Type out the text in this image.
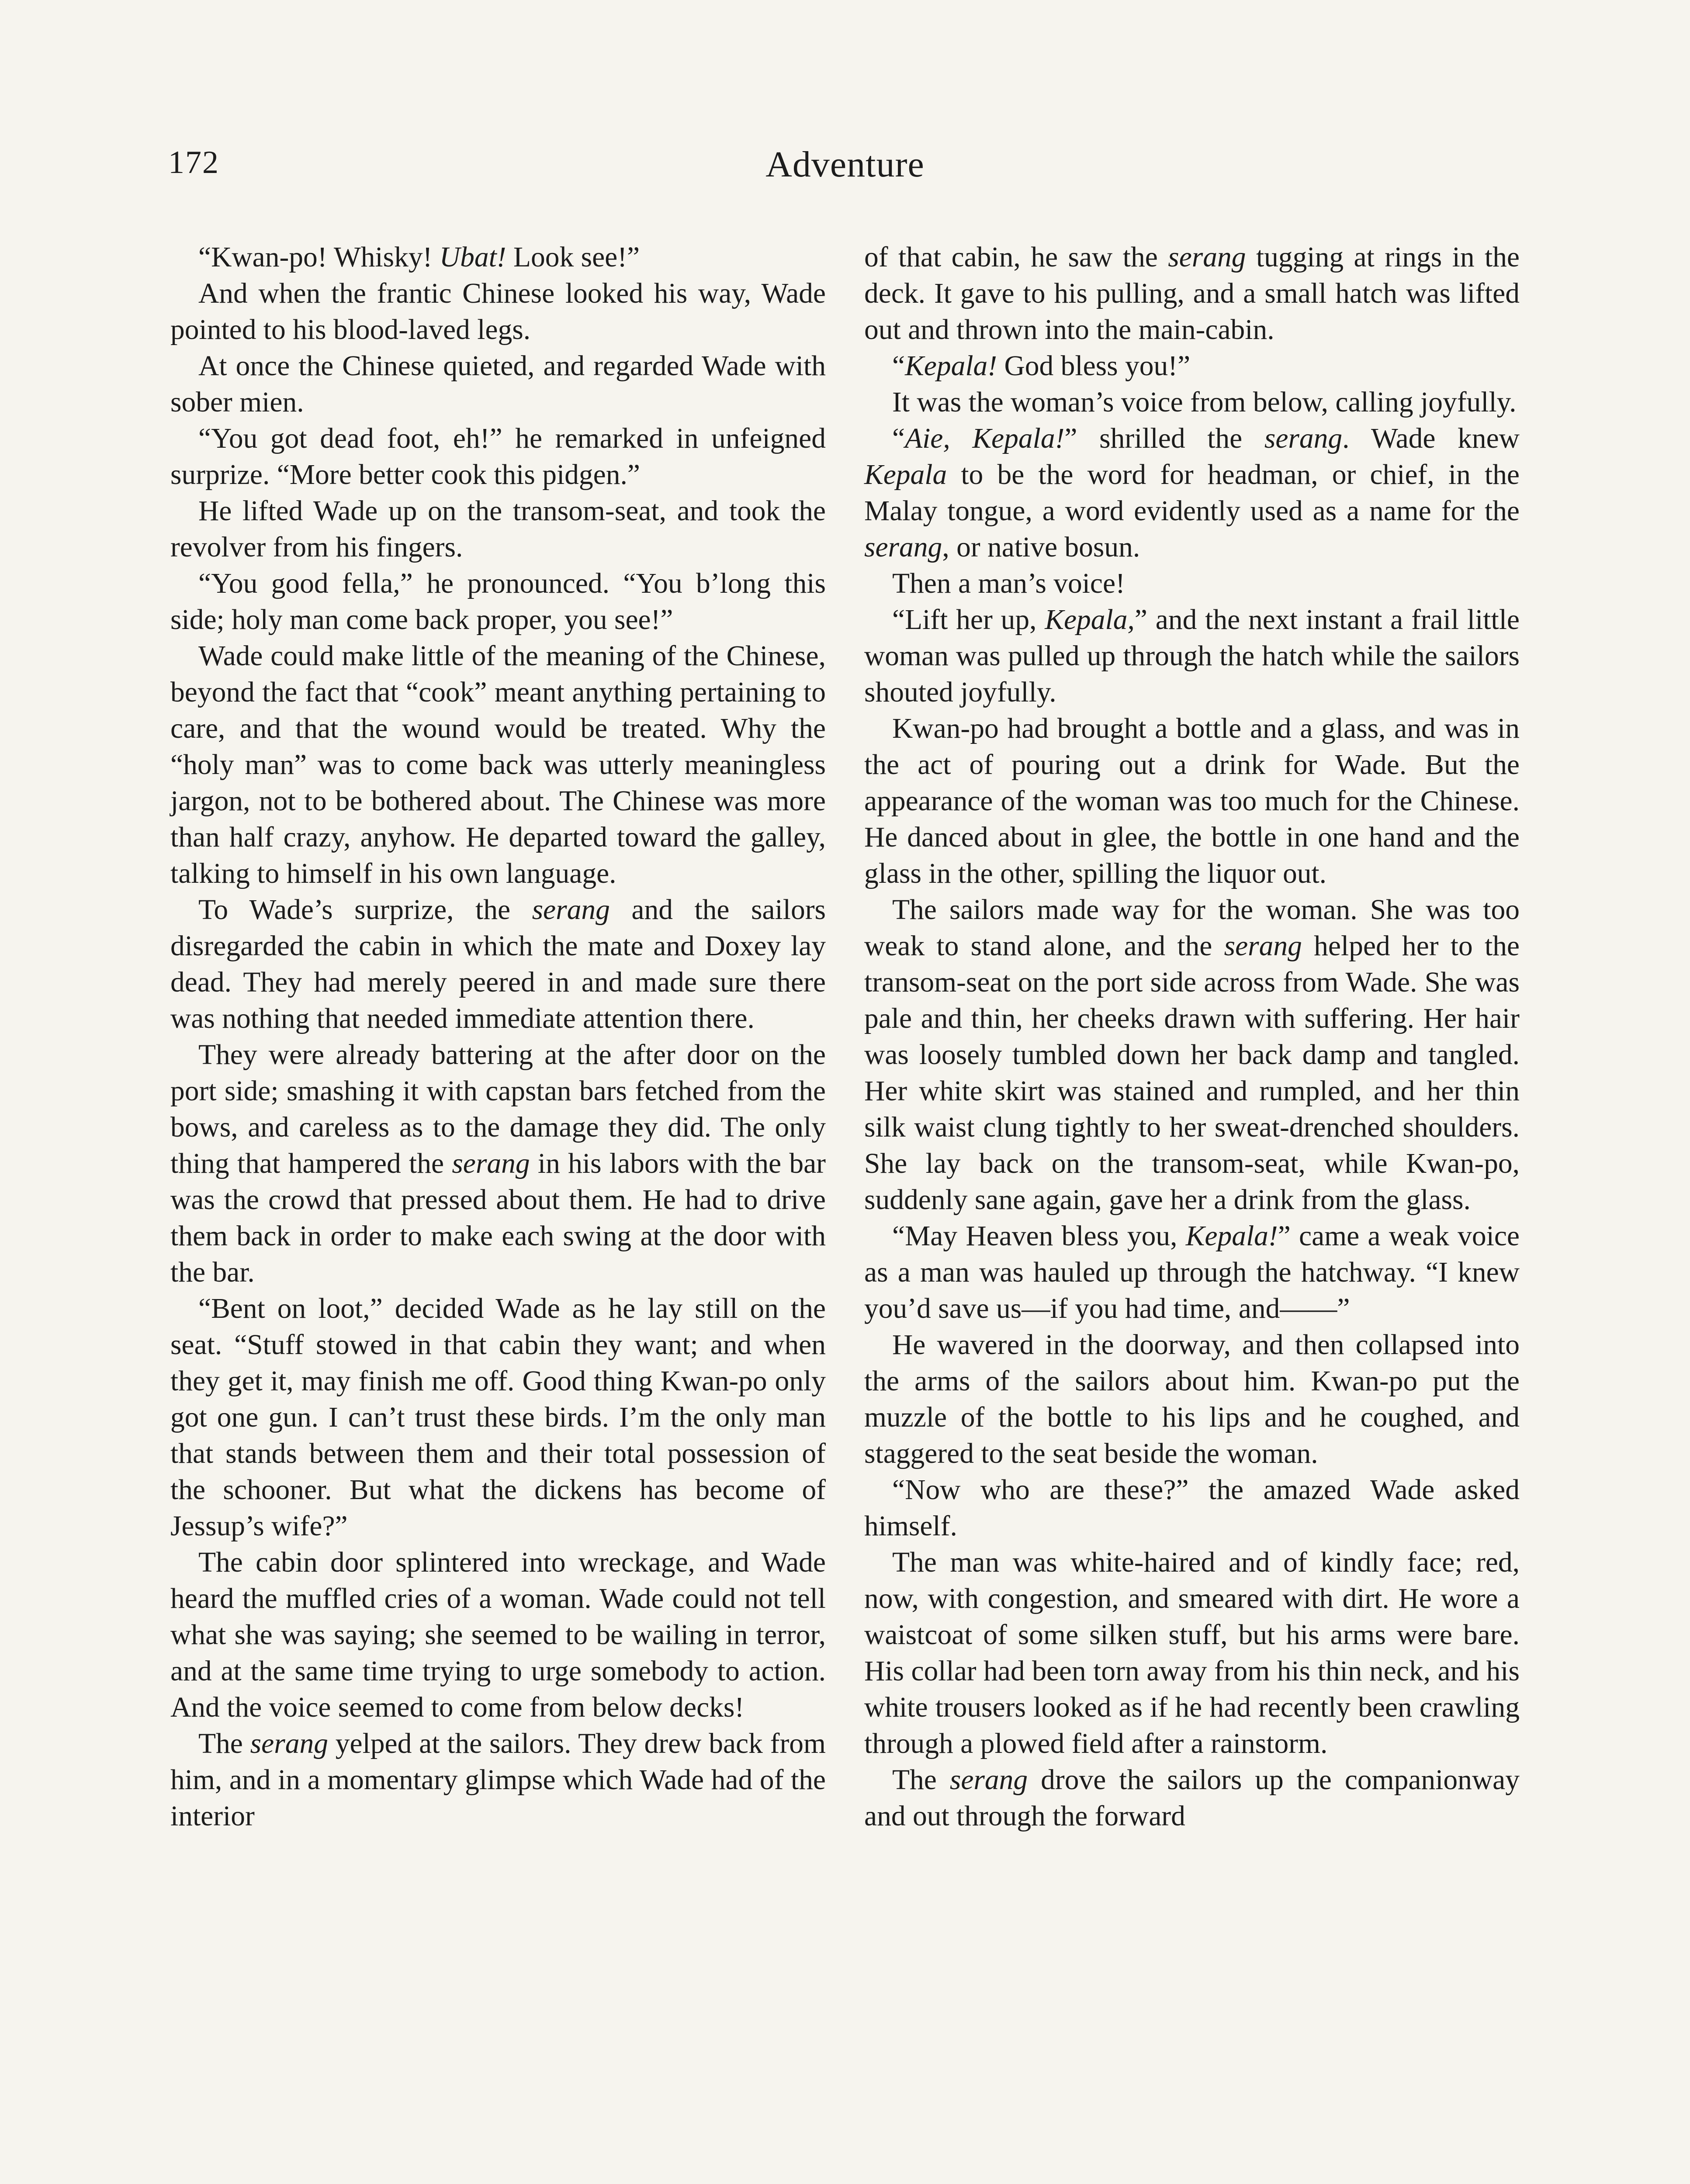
172	Adventure

“Kwan-po! Whisky! Ubat! Look see!”

And when the frantic Chinese looked his way, Wade pointed to his blood-laved legs.

At once the Chinese quieted, and regarded Wade with sober mien.

“You got dead foot, eh!” he remarked in unfeigned surprize. “More better cook this pidgen.”

He lifted Wade up on the transom-seat, and took the revolver from his fingers.

“You good fella,” he pronounced. “You b’long this side; holy man come back proper, you see!”

Wade could make little of the meaning of the Chinese, beyond the fact that “cook” meant anything pertaining to care, and that the wound would be treated. Why the “holy man” was to come back was utterly meaningless jargon, not to be bothered about. The Chinese was more than half crazy, anyhow. He departed toward the galley, talking to himself in his own language.

To Wade’s surprize, the serang and the sailors disregarded the cabin in which the mate and Doxey lay dead. They had merely peered in and made sure there was nothing that needed immediate attention there.

They were already battering at the after door on the port side; smashing it with capstan bars fetched from the bows, and careless as to the damage they did. The only thing that hampered the serang in his labors with the bar was the crowd that pressed about them. He had to drive them back in order to make each swing at the door with the bar.

“Bent on loot,” decided Wade as he lay still on the seat. “Stuff stowed in that cabin they want; and when they get it, may finish me off. Good thing Kwan-po only got one gun. I can’t trust these birds. I’m the only man that stands between them and their total possession of the schooner. But what the dickens has become of Jessup’s wife?”

The cabin door splintered into wreckage, and Wade heard the muffled cries of a woman. Wade could not tell what she was saying; she seemed to be wailing in terror, and at the same time trying to urge somebody to action. And the voice seemed to come from below decks!

The serang yelped at the sailors. They drew back from him, and in a momentary glimpse which Wade had of the interior

of that cabin, he saw the serang tugging at rings in the deck. It gave to his pulling, and a small hatch was lifted out and thrown into the main-cabin.

“Kepala! God bless you!”

It was the woman’s voice from below, calling joyfully.

“Aie, Kepala!” shrilled the serang. Wade knew Kepala to be the word for headman, or chief, in the Malay tongue, a word evidently used as a name for the serang, or native bosun.

Then a man’s voice!

“Lift her up, Kepala,” and the next instant a frail little woman was pulled up through the hatch while the sailors shouted joyfully.

Kwan-po had brought a bottle and a glass, and was in the act of pouring out a drink for Wade. But the appearance of the woman was too much for the Chinese. He danced about in glee, the bottle in one hand and the glass in the other, spilling the liquor out.

The sailors made way for the woman. She was too weak to stand alone, and the serang helped her to the transom-seat on the port side across from Wade. She was pale and thin, her cheeks drawn with suffering. Her hair was loosely tumbled down her back damp and tangled. Her white skirt was stained and rumpled, and her thin silk waist clung tightly to her sweat-drenched shoulders. She lay back on the transom-seat, while Kwan-po, suddenly sane again, gave her a drink from the glass.

“May Heaven bless you, Kepala!” came a weak voice as a man was hauled up through the hatchway. “I knew you’d save us—if you had time, and——”

He wavered in the doorway, and then collapsed into the arms of the sailors about him. Kwan-po put the muzzle of the bottle to his lips and he coughed, and staggered to the seat beside the woman.

“Now who are these?” the amazed Wade asked himself.

The man was white-haired and of kindly face; red, now, with congestion, and smeared with dirt. He wore a waistcoat of some silken stuff, but his arms were bare. His collar had been torn away from his thin neck, and his white trousers looked as if he had recently been crawling through a plowed field after a rainstorm.

The serang drove the sailors up the companionway and out through the forward
